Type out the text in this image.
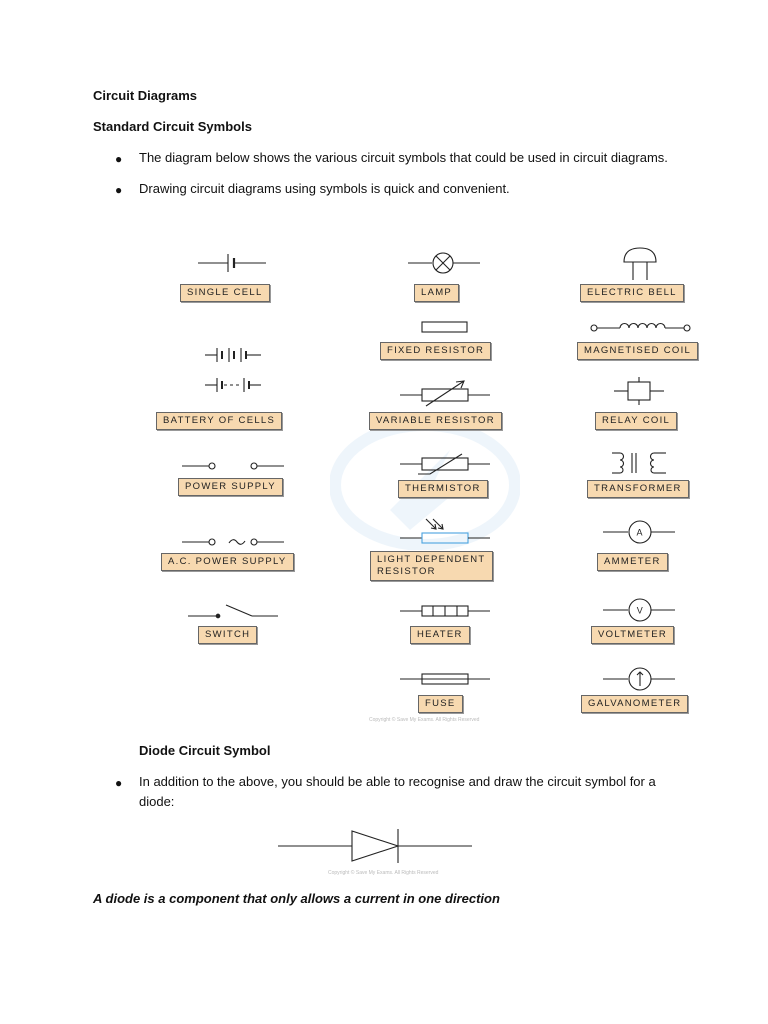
Circuit Diagrams
Standard Circuit Symbols
● The diagram below shows the various circuit symbols that could be used in circuit diagrams.
● Drawing circuit diagrams using symbols is quick and convenient.
SINGLE CELL
BATTERY OF CELLS
POWER SUPPLY
A.C. POWER SUPPLY
SWITCH
LAMP
FIXED RESISTOR
VARIABLE RESISTOR
THERMISTOR
LIGHT DEPENDENT
RESISTOR
HEATER
FUSE
Copyright © Save My Exams. All Rights Reserved
ELECTRIC BELL
MAGNETISED COIL
RELAY COIL
TRANSFORMER
A
AMMETER
V
VOLTMETER
GALVANOMETER
Diode Circuit Symbol
● In addition to the above, you should be able to recognise and draw the circuit symbol for a diode:
Copyright © Save My Exams. All Rights Reserved
A diode is a component that only allows a current in one direction
